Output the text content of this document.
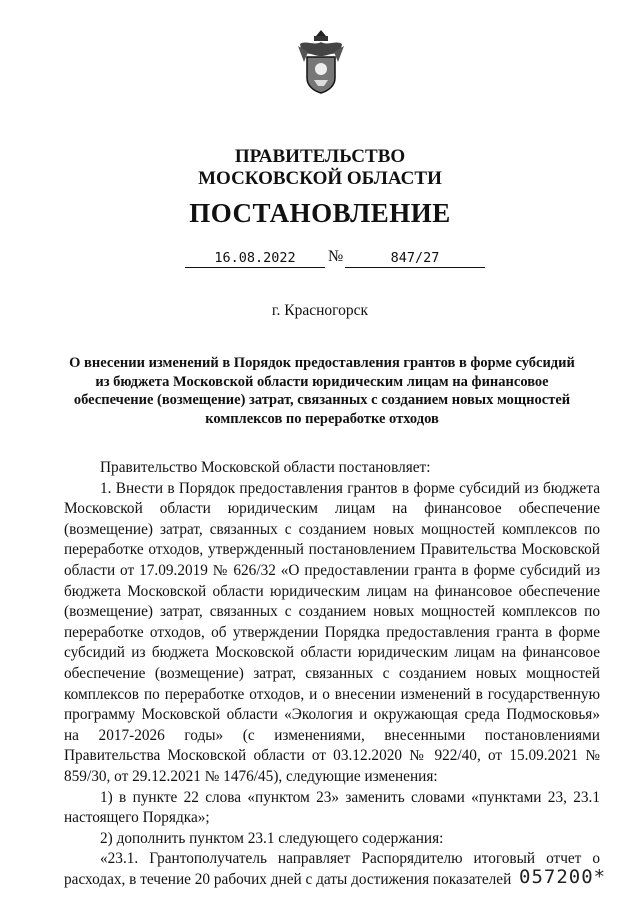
ПРАВИТЕЛЬСТВО
МОСКОВСКОЙ ОБЛАСТИ
ПОСТАНОВЛЕНИЕ
16.08.2022	№	847/27
г. Красногорск
О внесении изменений в Порядок предоставления грантов в форме субсидий из бюджета Московской области юридическим лицам на финансовое обеспечение (возмещение) затрат, связанных с созданием новых мощностей комплексов по переработке отходов

Правительство Московской области постановляет:

1. Внести в Порядок предоставления грантов в форме субсидий из бюджета Московской области юридическим лицам на финансовое обеспечение (возмещение) затрат, связанных с созданием новых мощностей комплексов по переработке отходов, утвержденный постановлением Правительства Московской области от 17.09.2019 № 626/32 «О предоставлении гранта в форме субсидий из бюджета Московской области юридическим лицам на финансовое обеспечение (возмещение) затрат, связанных с созданием новых мощностей комплексов по переработке отходов, об утверждении Порядка предоставления гранта в форме субсидий из бюджета Московской области юридическим лицам на финансовое обеспечение (возмещение) затрат, связанных с созданием новых мощностей комплексов по переработке отходов, и о внесении изменений в государственную программу Московской области «Экология и окружающая среда Подмосковья» на 2017-2026 годы» (с изменениями, внесенными постановлениями Правительства Московской области от 03.12.2020 № 922/40, от 15.09.2021 № 859/30, от 29.12.2021 № 1476/45), следующие изменения:

1) в пункте 22 слова «пунктом 23» заменить словами «пунктами 23, 23.1 настоящего Порядка»;

2) дополнить пунктом 23.1 следующего содержания:

«23.1. Грантополучатель направляет Распорядителю итоговый отчет о расходах, в течение 20 рабочих дней с даты достижения показателей 057200*
